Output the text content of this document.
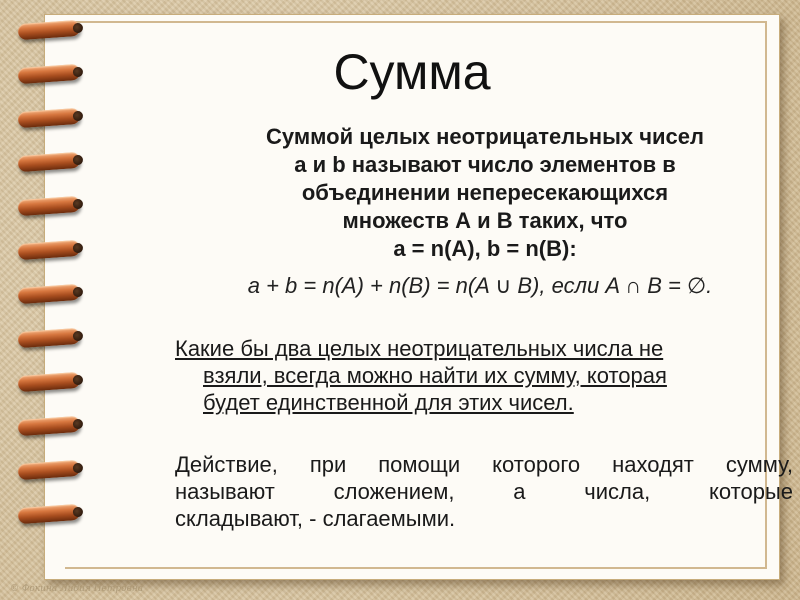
Сумма
Суммой целых неотрицательных чисел
a и b называют число элементов в
объединении непересекающихся
множеств А и В таких, что
a = n(А), b = n(В):
a + b = n(A) + n(B) = n(A ∪ B), если A ∩ B = ∅.
Какие бы два целых неотрицательных числа не
взяли, всегда можно найти их сумму, которая
будет единственной для этих чисел.
Действие, при помощи которого находят сумму,
называют сложением, а числа, которые
складывают, - слагаемыми.
© Фокина Лидия Петровна
